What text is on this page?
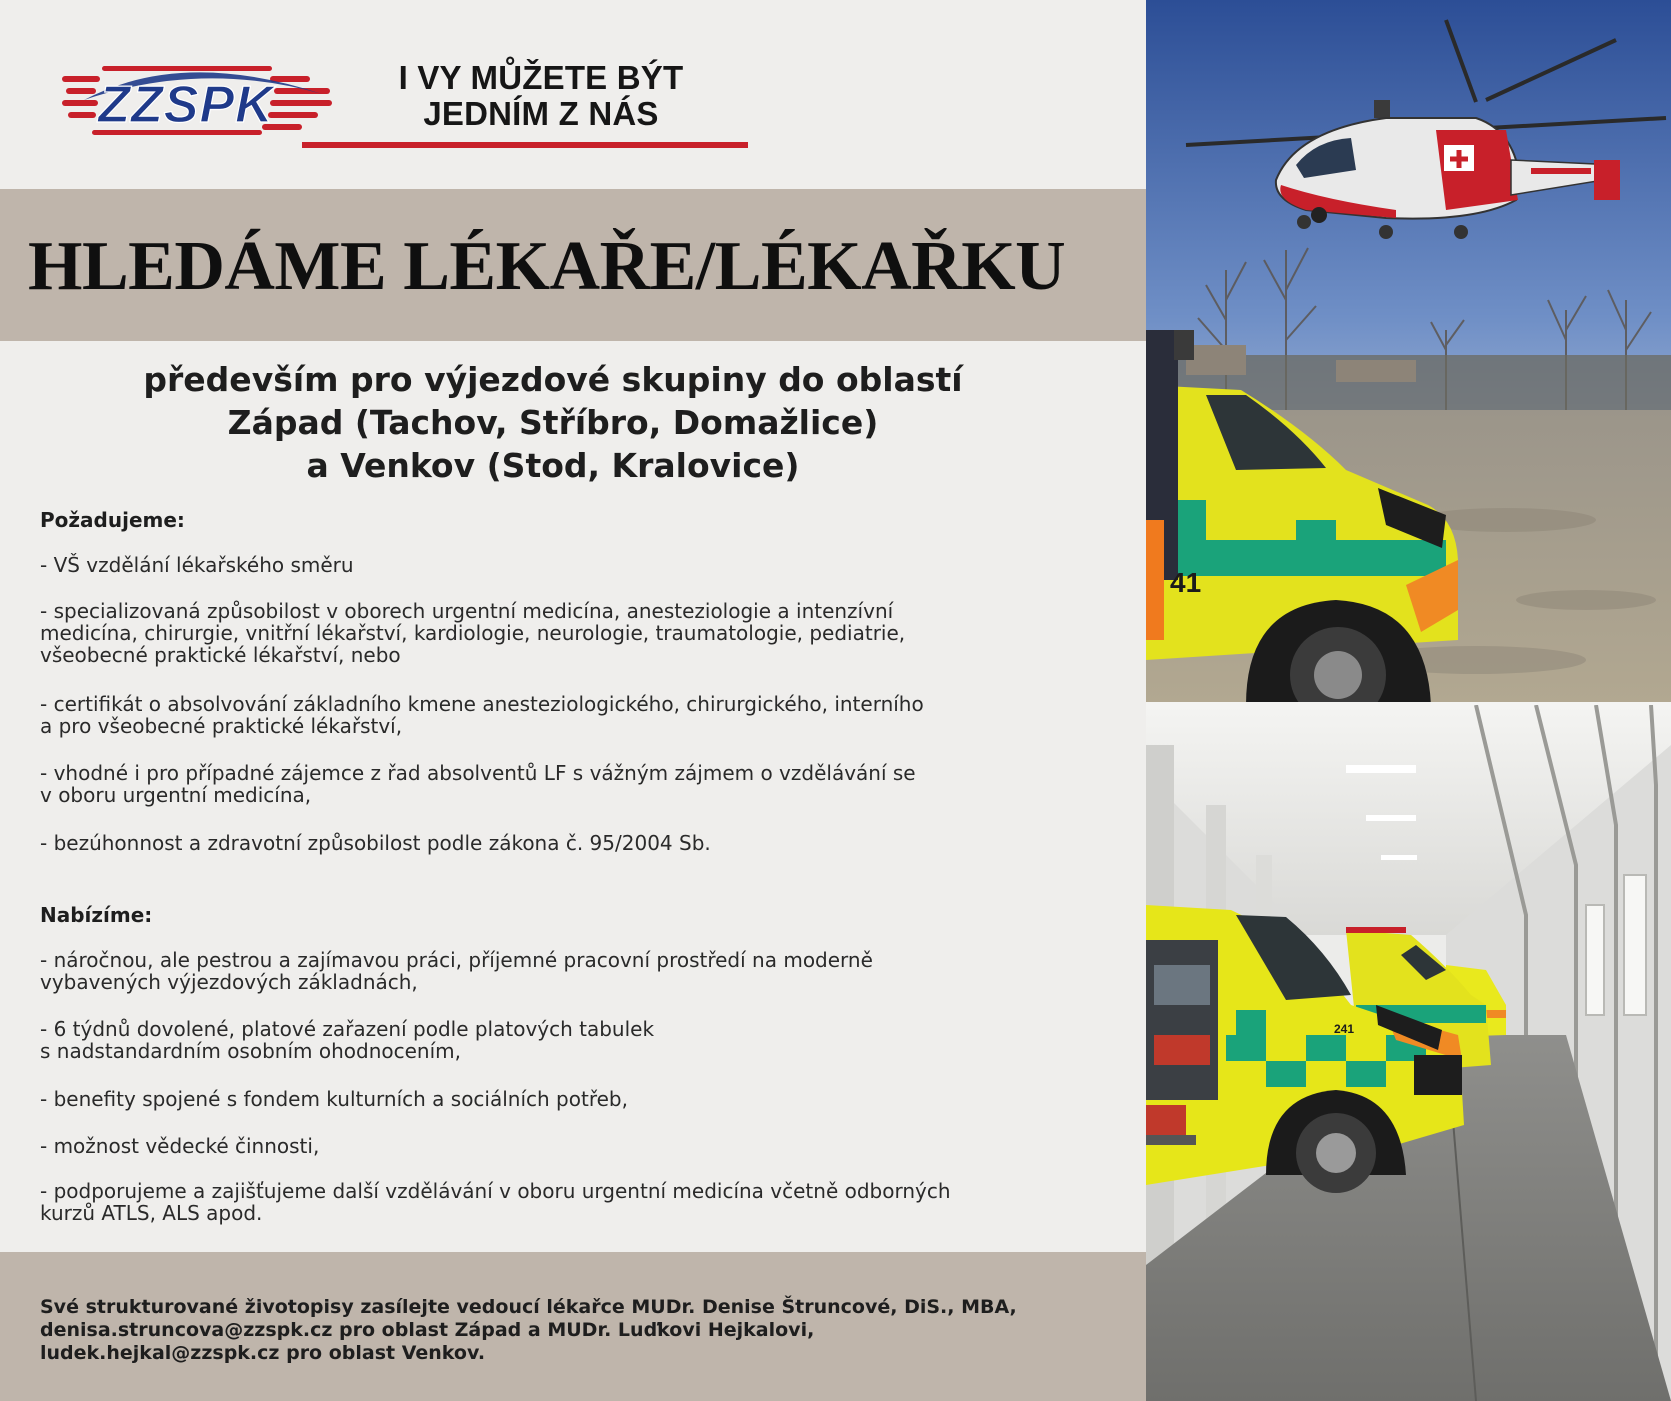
ZZSPK	I VY MŮŽETE BÝT
JEDNÍM Z NÁS
HLEDÁME LÉKAŘE/LÉKAŘKU
především pro výjezdové skupiny do oblastí
Západ (Tachov, Stříbro, Domažlice)
a Venkov (Stod, Kralovice)
Požadujeme:
- VŠ vzdělání lékařského směru
- specializovaná způsobilost v oborech urgentní medicína, anesteziologie a intenzívní
medicína, chirurgie, vnitřní lékařství, kardiologie, neurologie, traumatologie, pediatrie,
všeobecné praktické lékařství, nebo
- certifikát o absolvování základního kmene anesteziologického, chirurgického, interního
a pro všeobecné praktické lékařství,
- vhodné i pro případné zájemce z řad absolventů LF s vážným zájmem o vzdělávání se
v oboru urgentní medicína,
- bezúhonnost a zdravotní způsobilost podle zákona č. 95/2004 Sb.
Nabízíme:
- náročnou, ale pestrou a zajímavou práci, příjemné pracovní prostředí na moderně
vybavených výjezdových základnách,
- 6 týdnů dovolené, platové zařazení podle platových tabulek
s nadstandardním osobním ohodnocením,
- benefity spojené s fondem kulturních a sociálních potřeb,
- možnost vědecké činnosti,
- podporujeme a zajišťujeme další vzdělávání v oboru urgentní medicína včetně odborných
kurzů ATLS, ALS apod.
Své strukturované životopisy zasílejte vedoucí lékařce MUDr. Denise Štruncové, DiS., MBA,
denisa.struncova@zzspk.cz pro oblast Západ a MUDr. Luďkovi Hejkalovi,
ludek.hejkal@zzspk.cz pro oblast Venkov.
41
241
